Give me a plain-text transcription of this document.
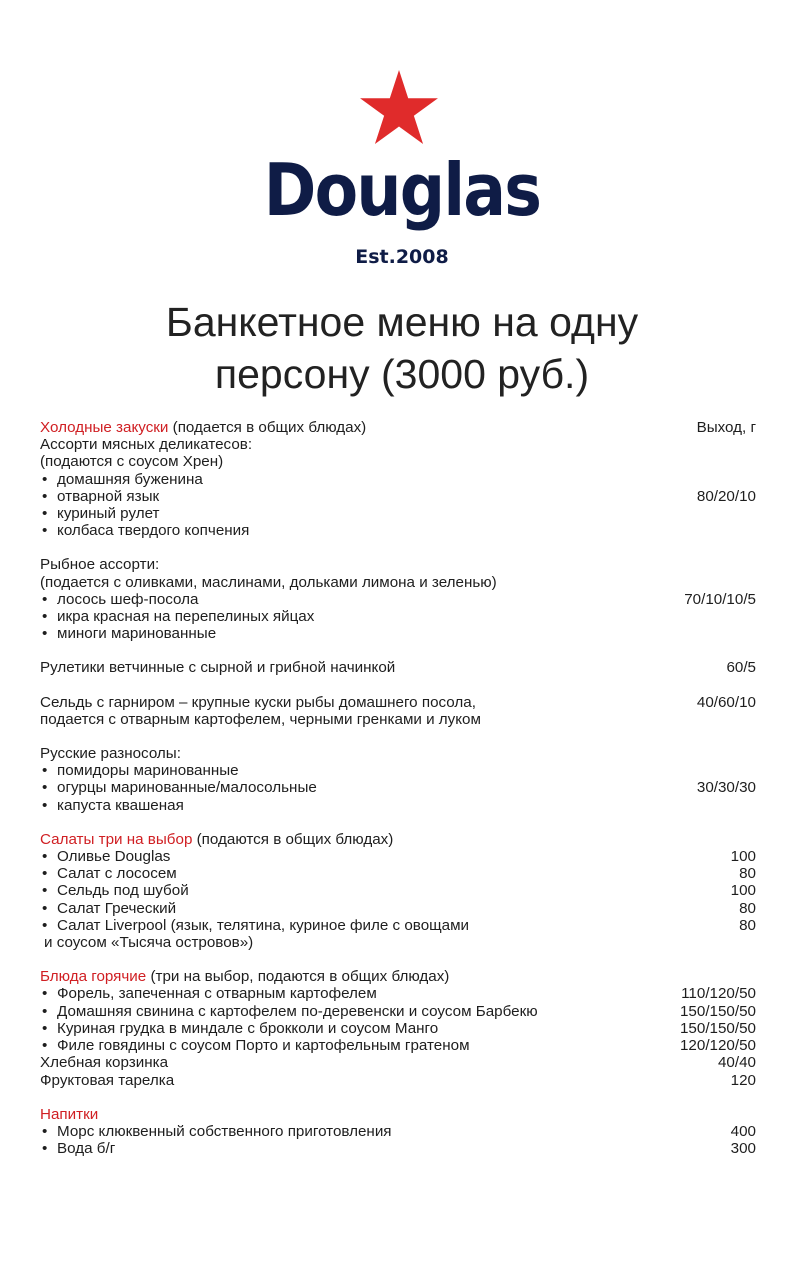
Douglas
Est.2008
Банкетное меню на одну
персону (3000 руб.)
Холодные закуски (подается в общих блюдах)	Выход, г
Ассорти мясных деликатесов:
(подаются с соусом Хрен)
• домашняя буженина
• отварной язык	80/20/10
• куриный рулет
• колбаса твердого копчения
Рыбное ассорти:
(подается с оливками, маслинами, дольками лимона и зеленью)
• лосось шеф-посола	70/10/10/5
• икра красная на перепелиных яйцах
• миноги маринованные
Рулетики ветчинные с сырной и грибной начинкой	60/5
Сельдь с гарниром – крупные куски рыбы домашнего посола,	40/60/10
подается с отварным картофелем, черными гренками и луком
Русские разносолы:
• помидоры маринованные
• огурцы маринованные/малосольные	30/30/30
• капуста квашеная
Салаты три на выбор (подаются в общих блюдах)
• Оливье Douglas	100
• Салат с лососем	80
• Сельдь под шубой	100
• Салат Греческий	80
• Салат Liverpool (язык, телятина, куриное филе с овощами	80
и соусом «Тысяча островов»)
Блюда горячие (три на выбор, подаются в общих блюдах)
• Форель, запеченная с отварным картофелем	110/120/50
• Домашняя свинина с картофелем по-деревенски и соусом Барбекю	150/150/50
• Куриная грудка в миндале с брокколи и соусом Манго	150/150/50
• Филе говядины с соусом Порто и картофельным гратеном	120/120/50
Хлебная корзинка	40/40
Фруктовая тарелка	120
Напитки
• Морс клюквенный собственного приготовления	400
• Вода б/г	300
